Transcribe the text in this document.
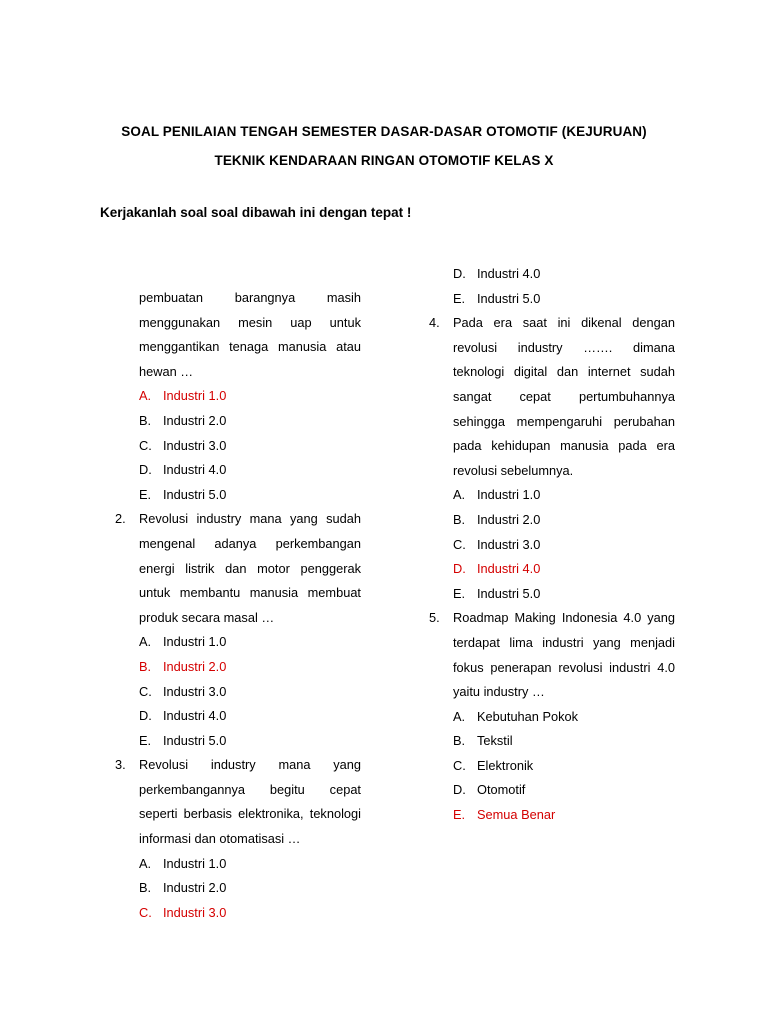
SOAL PENILAIAN TENGAH SEMESTER DASAR-DASAR OTOMOTIF (KEJURUAN)
TEKNIK KENDARAAN RINGAN OTOMOTIF KELAS X
Kerjakanlah soal soal dibawah ini dengan tepat !
pembuatan barangnya masih
menggunakan mesin uap untuk
menggantikan tenaga manusia atau
hewan …
A. Industri 1.0
B. Industri 2.0
C. Industri 3.0
D. Industri 4.0
E. Industri 5.0
2. Revolusi industry mana yang sudah
mengenal adanya perkembangan
energi listrik dan motor penggerak
untuk membantu manusia membuat
produk secara masal …
A. Industri 1.0
B. Industri 2.0
C. Industri 3.0
D. Industri 4.0
E. Industri 5.0
3. Revolusi industry mana yang
perkembangannya begitu cepat
seperti berbasis elektronika, teknologi
informasi dan otomatisasi …
A. Industri 1.0
B. Industri 2.0
C. Industri 3.0
D. Industri 4.0
E. Industri 5.0
4. Pada era saat ini dikenal dengan
revolusi industry ……. dimana
teknologi digital dan internet sudah
sangat cepat pertumbuhannya
sehingga mempengaruhi perubahan
pada kehidupan manusia pada era
revolusi sebelumnya.
A. Industri 1.0
B. Industri 2.0
C. Industri 3.0
D. Industri 4.0
E. Industri 5.0
5. Roadmap Making Indonesia 4.0 yang
terdapat lima industri yang menjadi
fokus penerapan revolusi industri 4.0
yaitu industry …
A. Kebutuhan Pokok
B. Tekstil
C. Elektronik
D. Otomotif
E. Semua Benar
